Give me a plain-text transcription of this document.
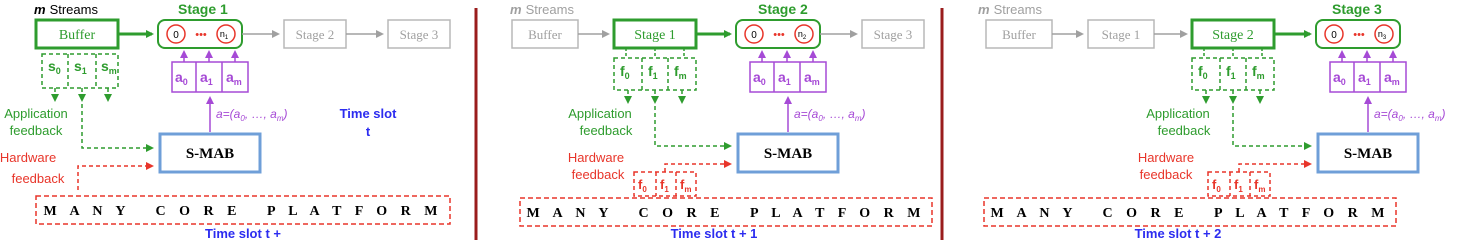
m Streams	Stage 1
Buffer	0 ••• $n_1$	Stage 2	Stage 3
$s_0$ $s_1$ $s_m$
Application
feedback
$a_0$ $a_1$ $a_m$
$a=(a_0$, …, $a_m$)	Time slot
t
S-MAB
Hardware
feedback
M A N Y   C O R E   P L A T F O R M
Time slot t +
m Streams	Stage 2
Buffer	Stage 1	0 ••• $n_2$	Stage 3
$f_0$ $f_1$ $f_m$
Application
feedback
$a_0$ $a_1$ $a_m$
$a=(a_0$, …, $a_m$)
S-MAB
Hardware
feedback
$f_0$ $f_1$ $f_m$
M A N Y   C O R E   P L A T F O R M
Time slot t + 1
m Streams	Stage 3
Buffer	Stage 1	Stage 2	0 ••• $n_3$
$f_0$ $f_1$ $f_m$
Application
feedback
$a_0$ $a_1$ $a_m$
$a=(a_0$, …, $a_m$)
S-MAB
Hardware
feedback
$f_0$ $f_1$ $f_m$
M A N Y   C O R E   P L A T F O R M
Time slot t + 2
